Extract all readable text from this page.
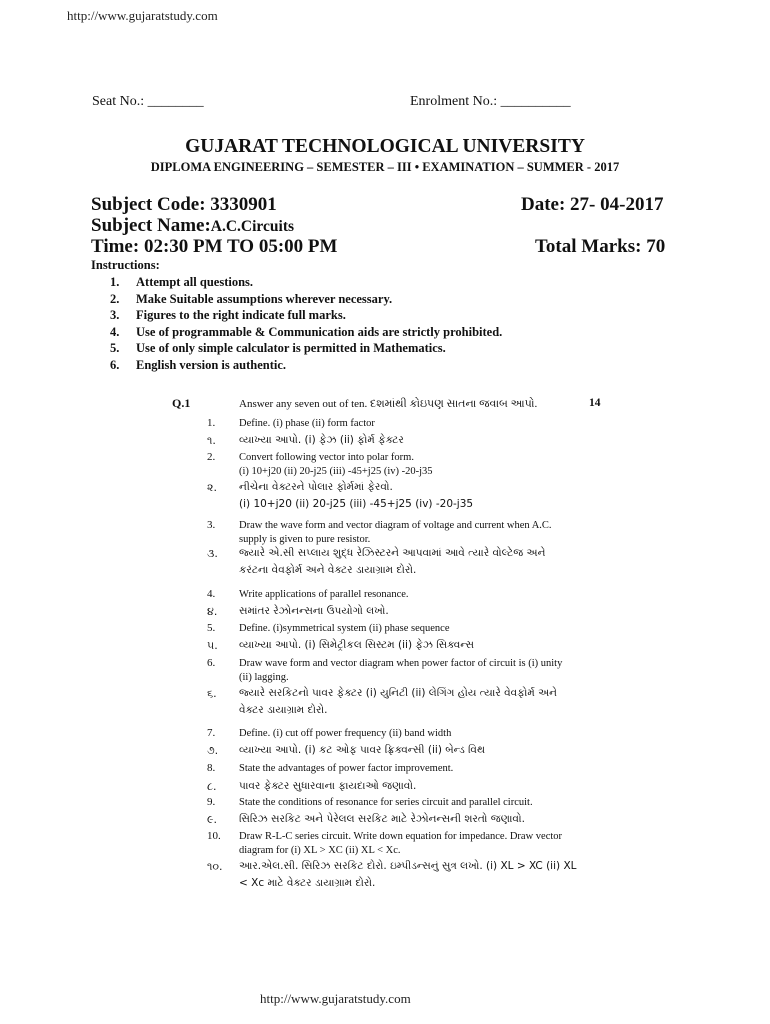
http://www.gujaratstudy.com
Seat No.: ________	Enrolment No.: __________
GUJARAT TECHNOLOGICAL UNIVERSITY
DIPLOMA ENGINEERING – SEMESTER – III • EXAMINATION – SUMMER - 2017
Subject Code: 3330901	Date: 27- 04-2017
Subject Name:A.C.Circuits
Time: 02:30 PM TO 05:00 PM	Total Marks: 70
Instructions:
1.	Attempt all questions.
2.	Make Suitable assumptions wherever necessary.
3.	Figures to the right indicate full marks.
4.	Use of programmable & Communication aids are strictly prohibited.
5.	Use of only simple calculator is permitted in Mathematics.
6.	English version is authentic.
Q.1	Answer any seven out of ten. દશમાંથી કોઇપણ સાતના જવાબ આપો.	14
1.	Define. (i) phase (ii) form factor
૧.	વ્યાખ્યા આપો. (i) ફેઝ (ii) ફોર્મ ફેક્ટર
2.	Convert following vector into polar form.
(i) 10+j20 (ii) 20-j25 (iii) -45+j25 (iv) -20-j35
૨.	નીચેના વેક્ટરને પોલાર ફોર્મમાં ફેરવો.
(i) 10+j20 (ii) 20-j25 (iii) -45+j25 (iv) -20-j35
3.	Draw the wave form and vector diagram of voltage and current when A.C.
supply is given to pure resistor.
૩.	જ્યારે એ.સી સપ્લાય શુદ્ધ રેઝિસ્ટરને આપવામાં આવે ત્યારે વોલ્ટેજ અને
કરંટના વેવફોર્મ અને વેક્ટર ડાયાગ્રામ દોરો.
4.	Write applications of parallel resonance.
૪.	સમાંતર રેઝોનન્સના ઉપયોગો લખો.
5.	Define. (i)symmetrical system (ii) phase sequence
૫.	વ્યાખ્યા આપો. (i) સિમેટ્રીકલ સિસ્ટમ (ii) ફેઝ સિક્વન્સ
6.	Draw wave form and vector diagram when power factor of circuit is (i) unity
(ii) lagging.
૬.	જ્યારે સરકિટનો પાવર ફેક્ટર (i) યુનિટી (ii) લેગિંગ હોય ત્યારે વેવફોર્મ અને
વેક્ટર ડાયાગ્રામ દોરો.
7.	Define. (i) cut off power frequency (ii) band width
૭.	વ્યાખ્યા આપો. (i) કટ ઓફ પાવર ફ્રિક્વન્સી (ii) બેન્ડ વિથ
8.	State the advantages of power factor improvement.
૮.	પાવર ફેક્ટર સુધારવાના ફાયદાઓ જણાવો.
9.	State the conditions of resonance for series circuit and parallel circuit.
૯.	સિરિઝ સરકિટ અને પેરેલલ સરકિટ માટે રેઝોનન્સની શરતો જણાવો.
10.	Draw R-L-C series circuit. Write down equation for impedance. Draw vector
diagram for (i) XL > XC (ii) XL < Xc.
૧૦.	આર.એલ.સી. સિરિઝ સરકિટ દોરો. ઇમ્પીડન્સનું સુત્ર લખો. (i) XL > XC (ii) XL
< Xc માટે વેક્ટર ડાયાગ્રામ દોરો.
http://www.gujaratstudy.com
